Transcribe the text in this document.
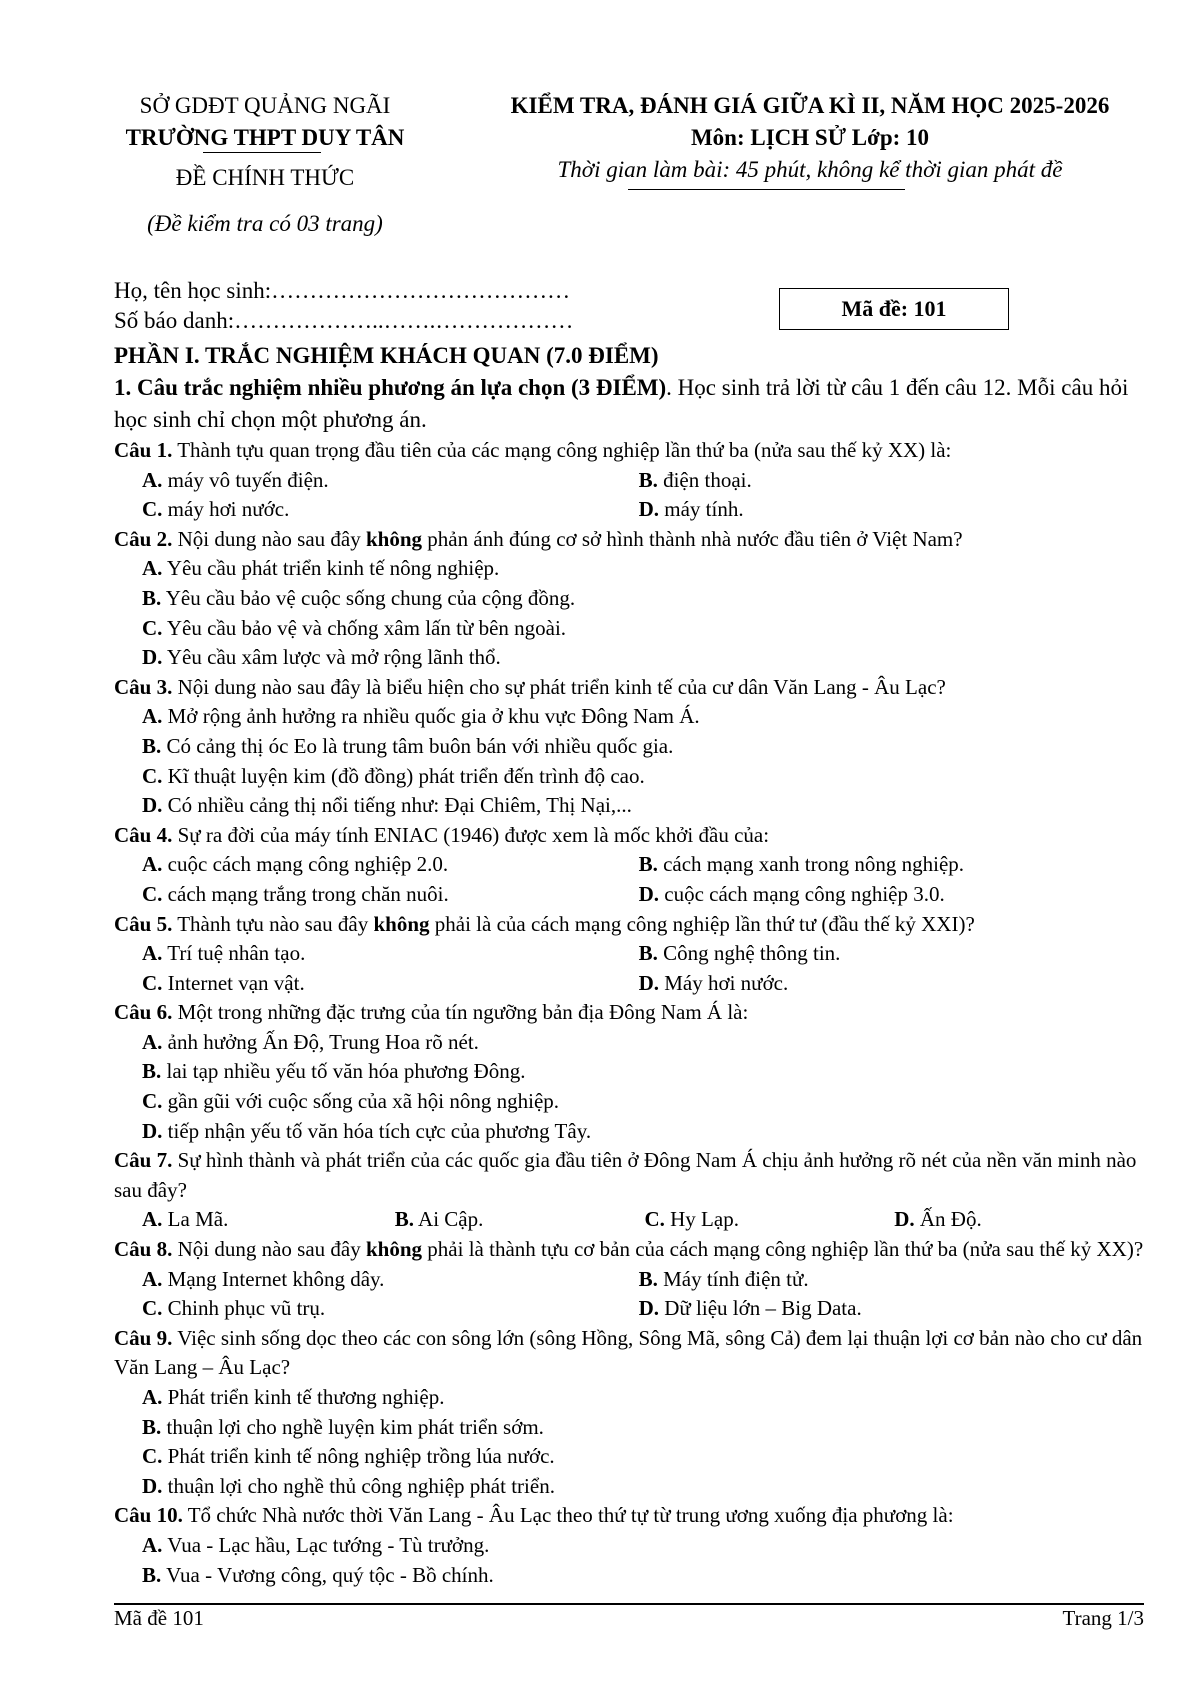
SỞ GDĐT QUẢNG NGÃI
TRƯỜNG THPT DUY TÂN
ĐỀ CHÍNH THỨC
(Đề kiểm tra có 03 trang)
KIỂM TRA, ĐÁNH GIÁ GIỮA KÌ II, NĂM HỌC 2025-2026
Môn: LỊCH SỬ Lớp: 10
Thời gian làm bài: 45 phút, không kể thời gian phát đề
Họ, tên học sinh:…………………………………
Số báo danh:………………..…….………………	Mã đề: 101
PHẦN I. TRẮC NGHIỆM KHÁCH QUAN (7.0 ĐIỂM)
1. Câu trắc nghiệm nhiều phương án lựa chọn (3 ĐIỂM). Học sinh trả lời từ câu 1 đến câu 12. Mỗi câu hỏi học sinh chỉ chọn một phương án.
Câu 1. Thành tựu quan trọng đầu tiên của các mạng công nghiệp lần thứ ba (nửa sau thế kỷ XX) là:
A. máy vô tuyến điện.	B. điện thoại.
C. máy hơi nước.	D. máy tính.
Câu 2. Nội dung nào sau đây không phản ánh đúng cơ sở hình thành nhà nước đầu tiên ở Việt Nam?
A. Yêu cầu phát triển kinh tế nông nghiệp.
B. Yêu cầu bảo vệ cuộc sống chung của cộng đồng.
C. Yêu cầu bảo vệ và chống xâm lấn từ bên ngoài.
D. Yêu cầu xâm lược và mở rộng lãnh thổ.
Câu 3. Nội dung nào sau đây là biểu hiện cho sự phát triển kinh tế của cư dân Văn Lang - Âu Lạc?
A. Mở rộng ảnh hưởng ra nhiều quốc gia ở khu vực Đông Nam Á.
B. Có cảng thị óc Eo là trung tâm buôn bán với nhiều quốc gia.
C. Kĩ thuật luyện kim (đồ đồng) phát triển đến trình độ cao.
D. Có nhiều cảng thị nổi tiếng như: Đại Chiêm, Thị Nại,...
Câu 4. Sự ra đời của máy tính ENIAC (1946) được xem là mốc khởi đầu của:
A. cuộc cách mạng công nghiệp 2.0.	B. cách mạng xanh trong nông nghiệp.
C. cách mạng trắng trong chăn nuôi.	D. cuộc cách mạng công nghiệp 3.0.
Câu 5. Thành tựu nào sau đây không phải là của cách mạng công nghiệp lần thứ tư (đầu thế kỷ XXI)?
A. Trí tuệ nhân tạo.	B. Công nghệ thông tin.
C. Internet vạn vật.	D. Máy hơi nước.
Câu 6. Một trong những đặc trưng của tín ngưỡng bản địa Đông Nam Á là:
A. ảnh hưởng Ấn Độ, Trung Hoa rõ nét.
B. lai tạp nhiều yếu tố văn hóa phương Đông.
C. gần gũi với cuộc sống của xã hội nông nghiệp.
D. tiếp nhận yếu tố văn hóa tích cực của phương Tây.
Câu 7. Sự hình thành và phát triển của các quốc gia đầu tiên ở Đông Nam Á chịu ảnh hưởng rõ nét của nền văn minh nào sau đây?
A. La Mã.	B. Ai Cập.	C. Hy Lạp.	D. Ấn Độ.
Câu 8. Nội dung nào sau đây không phải là thành tựu cơ bản của cách mạng công nghiệp lần thứ ba (nửa sau thế kỷ XX)?
A. Mạng Internet không dây.	B. Máy tính điện tử.
C. Chinh phục vũ trụ.	D. Dữ liệu lớn – Big Data.
Câu 9. Việc sinh sống dọc theo các con sông lớn (sông Hồng, Sông Mã, sông Cả) đem lại thuận lợi cơ bản nào cho cư dân Văn Lang – Âu Lạc?
A. Phát triển kinh tế thương nghiệp.
B. thuận lợi cho nghề luyện kim phát triển sớm.
C. Phát triển kinh tế nông nghiệp trồng lúa nước.
D. thuận lợi cho nghề thủ công nghiệp phát triển.
Câu 10. Tổ chức Nhà nước thời Văn Lang - Âu Lạc theo thứ tự từ trung ương xuống địa phương là:
A. Vua - Lạc hầu, Lạc tướng - Tù trưởng.
B. Vua - Vương công, quý tộc - Bồ chính.
Mã đề 101	Trang 1/3
